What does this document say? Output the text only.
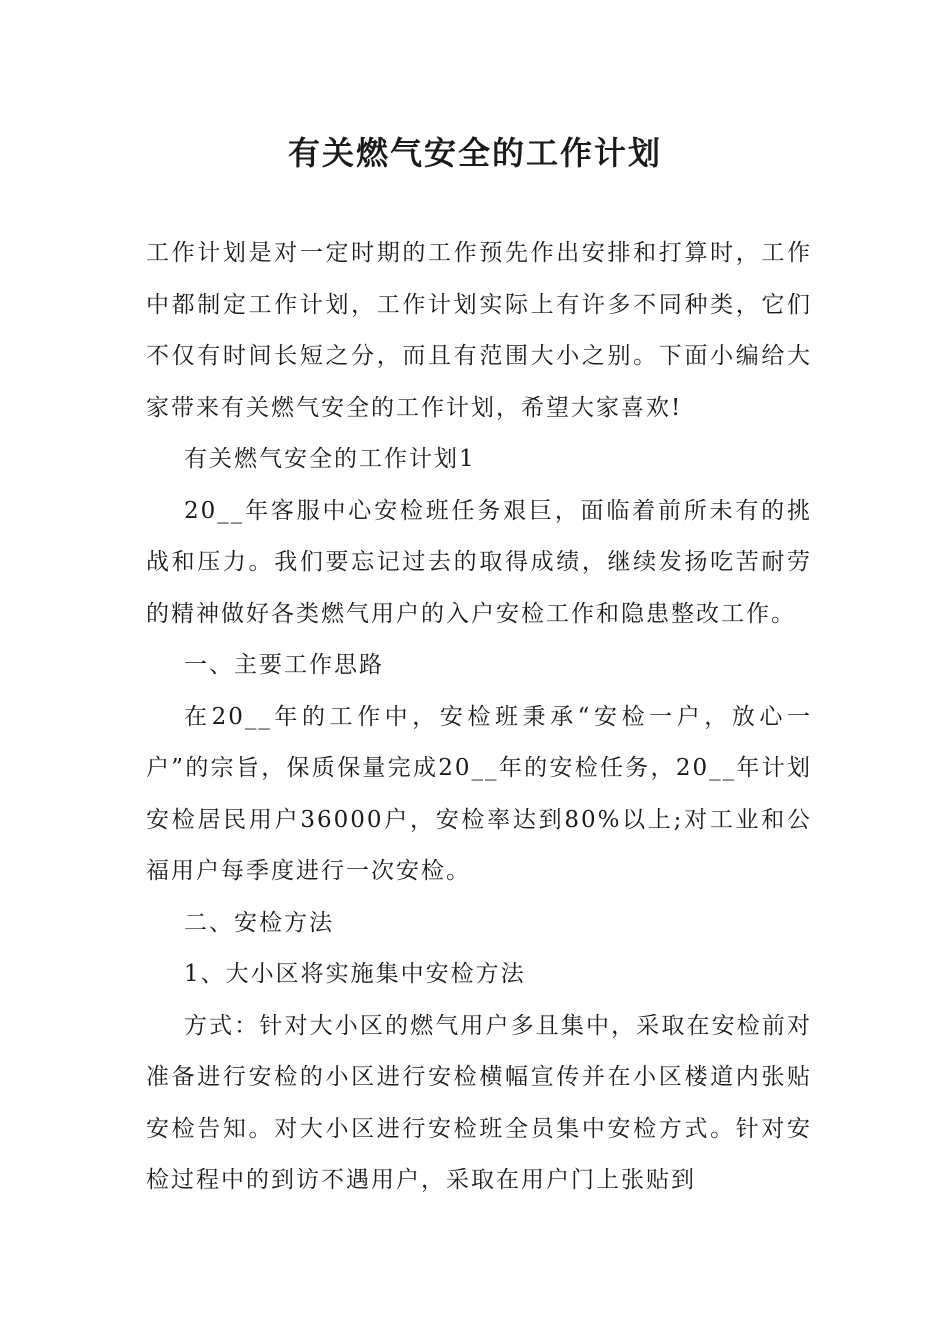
有关燃气安全的工作计划

工作计划是对一定时期的工作预先作出安排和打算时，工作中都制定工作计划，工作计划实际上有许多不同种类，它们不仅有时间长短之分，而且有范围大小之别。下面小编给大家带来有关燃气安全的工作计划，希望大家喜欢!

有关燃气安全的工作计划1

20__年客服中心安检班任务艰巨，面临着前所未有的挑战和压力。我们要忘记过去的取得成绩，继续发扬吃苦耐劳的精神做好各类燃气用户的入户安检工作和隐患整改工作。

一、主要工作思路

在20__年的工作中，安检班秉承“安检一户，放心一户”的宗旨，保质保量完成20__年的安检任务，20__年计划安检居民用户36000户，安检率达到80%以上;对工业和公福用户每季度进行一次安检。

二、安检方法

1、大小区将实施集中安检方法

方式：针对大小区的燃气用户多且集中，采取在安检前对准备进行安检的小区进行安检横幅宣传并在小区楼道内张贴安检告知。对大小区进行安检班全员集中安检方式。针对安检过程中的到访不遇用户，采取在用户门上张贴到
